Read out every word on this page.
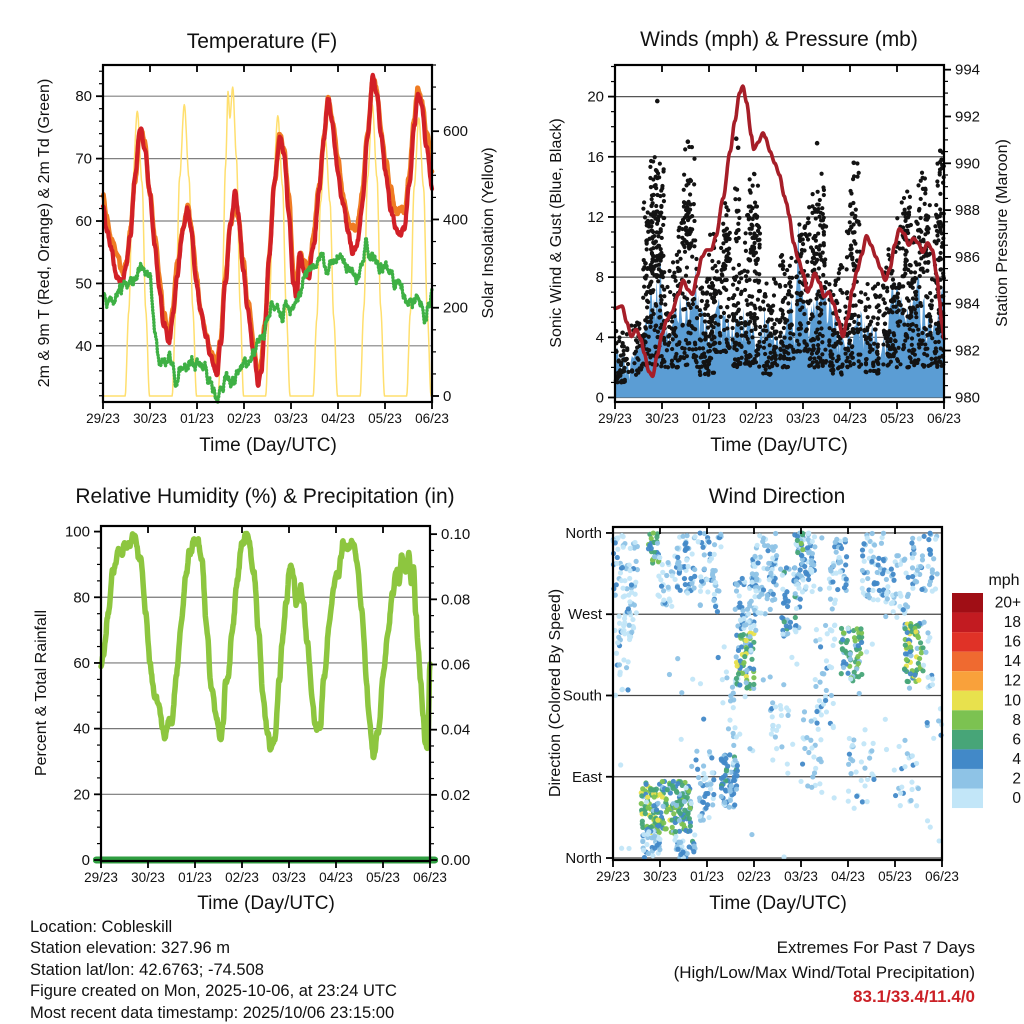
40
50
60
70
80
0
200
400
600
29/23 30/23 01/23 02/23 03/23 04/23 05/23 06/23
0
4
8
12
16
20
980
982
984
986
988
990
992
994
29/23 30/23 01/23 02/23 03/23 04/23 05/23 06/23
0
20
40
60
80
100
0.00
0.02
0.04
0.06
0.08
0.10
29/23 30/23 01/23 02/23 03/23 04/23 05/23 06/23
North
West
South
East
North
29/23 30/23 01/23 02/23 03/23 04/23 05/23 06/23
mph
20+
18
16
14
12
10
8
6
4
2
0
Temperature (F)	Winds (mph) & Pressure (mb)
Relative Humidity (%) & Precipitation (in)	Wind Direction
2m & 9m T (Red, Orange) & 2m Td (Green)	Solar Insolation (Yellow)	Sonic Wind & Gust (Blue, Black)	Station Pressure (Maroon)
Percent & Total Rainfall	Direction (Colored By Speed)
Time (Day/UTC)	Time (Day/UTC)
Time (Day/UTC)	Time (Day/UTC)
Location: Cobleskill
Station elevation: 327.96 m
Station lat/lon: 42.6763; -74.508
Figure created on Mon, 2025-10-06, at 23:24 UTC
Most recent data timestamp: 2025/10/06 23:15:00
Extremes For Past 7 Days
(High/Low/Max Wind/Total Precipitation)
83.1/33.4/11.4/0
